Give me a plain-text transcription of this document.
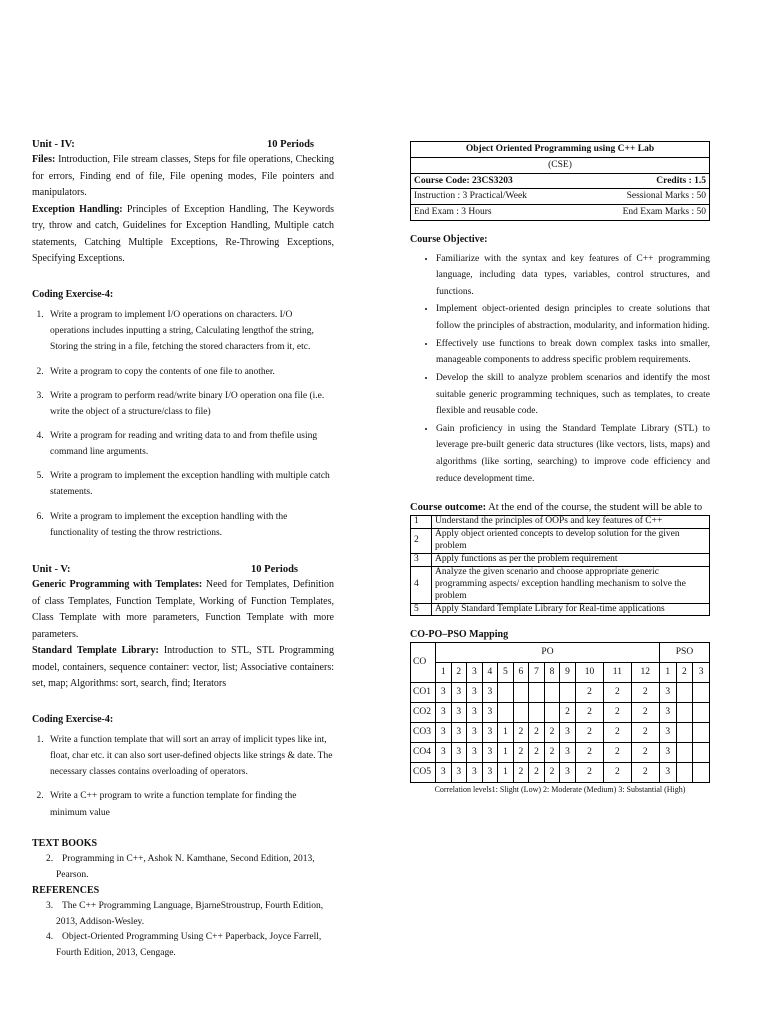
Unit - IV:	10 Periods

Files: Introduction, File stream classes, Steps for file operations, Checking for errors, Finding end of file, File opening modes, File pointers and manipulators.

Exception Handling: Principles of Exception Handling, The Keywords try, throw and catch, Guidelines for Exception Handling, Multiple catch statements, Catching Multiple Exceptions, Re-Throwing Exceptions, Specifying Exceptions.

Coding Exercise-4:
1. Write a program to implement I/O operations on characters. I/O operations includes inputting a string, Calculating lengthof the string, Storing the string in a file, fetching the stored characters from it, etc.
2. Write a program to copy the contents of one file to another.
3. Write a program to perform read/write binary I/O operation ona file (i.e. write the object of a structure/class to file)
4. Write a program for reading and writing data to and from thefile using command line arguments.
5. Write a program to implement the exception handling with multiple catch statements.
6. Write a program to implement the exception handling with the functionality of testing the throw restrictions.
Unit - V:	10 Periods

Generic Programming with Templates: Need for Templates, Definition of class Templates, Function Template, Working of Function Templates, Class Template with more parameters, Function Template with more parameters.

Standard Template Library: Introduction to STL, STL Programming model, containers, sequence container: vector, list; Associative containers: set, map; Algorithms: sort, search, find; Iterators

Coding Exercise-4:
1. Write a function template that will sort an array of implicit types like int, float, char etc. it can also sort user-defined objects like strings & date. The necessary classes contains overloading of operators.
2. Write a C++ program to write a function template for finding the minimum value
TEXT BOOKS
2. Programming in C++, Ashok N. Kamthane, Second Edition, 2013, Pearson.
REFERENCES
3. The C++ Programming Language, BjarneStroustrup, Fourth Edition, 2013, Addison-Wesley.
4. Object-Oriented Programming Using C++ Paperback, Joyce Farrell, Fourth Edition, 2013, Cengage.
Object Oriented Programming using C++ Lab	
(CSE)	
Course Code: 23CS3203	Credits : 1.5
Instruction : 3 Practical/Week	Sessional Marks : 50
End Exam : 3 Hours	End Exam Marks : 50
Course Objective:
• Familiarize with the syntax and key features of C++ programming language, including data types, variables, control structures, and functions.
• Implement object-oriented design principles to create solutions that follow the principles of abstraction, modularity, and information hiding.
• Effectively use functions to break down complex tasks into smaller, manageable components to address specific problem requirements.
• Develop the skill to analyze problem scenarios and identify the most suitable generic programming techniques, such as templates, to create flexible and reusable code.
• Gain proficiency in using the Standard Template Library (STL) to leverage pre-built generic data structures (like vectors, lists, maps) and algorithms (like sorting, searching) to improve code efficiency and reduce development time.
Course outcome: At the end of the course, the student will be able to
1	Understand the principles of OOPs and key features of C++
2	Apply object oriented concepts to develop solution for the given problem
3	Apply functions as per the problem requirement
4	Analyze the given scenario and choose appropriate generic programming aspects/ exception handling mechanism to solve the problem
5	Apply Standard Template Library for Real-time applications
CO-PO–PSO Mapping
CO	PO												PSO		
	1	2	3	4	5	6	7	8	9	10	11	12	1	2	3
CO1	3	3	3	3						2	2	2	3		
CO2	3	3	3	3					2	2	2	2	3		
CO3	3	3	3	3	1	2	2	2	3	2	2	2	3		
CO4	3	3	3	3	1	2	2	2	3	2	2	2	3		
CO5	3	3	3	3	1	2	2	2	3	2	2	2	3		
Correlation levels1: Slight (Low) 2: Moderate (Medium) 3: Substantial (High)
